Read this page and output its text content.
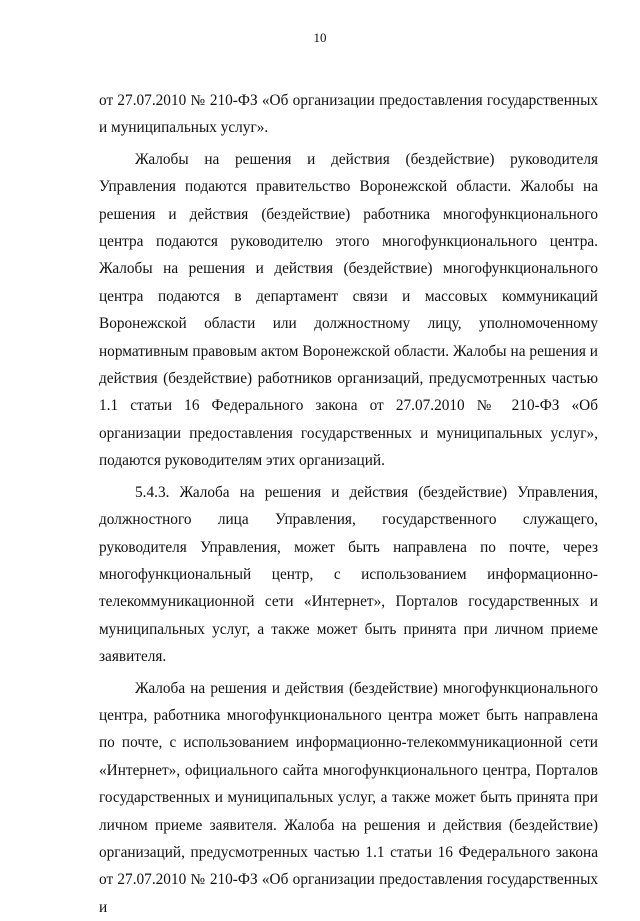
10

от 27.07.2010 № 210-ФЗ «Об организации предоставления государственных и муниципальных услуг».

Жалобы на решения и действия (бездействие) руководителя Управления подаются правительство Воронежской области. Жалобы на решения и действия (бездействие) работника многофункционального центра подаются руководителю этого многофункционального центра. Жалобы на решения и действия (бездействие) многофункционального центра подаются в департамент связи и массовых коммуникаций Воронежской области или должностному лицу, уполномоченному нормативным правовым актом Воронежской области. Жалобы на решения и действия (бездействие) работников организаций, предусмотренных частью 1.1 статьи 16 Федерального закона от 27.07.2010 № 210-ФЗ «Об организации предоставления государственных и муниципальных услуг», подаются руководителям этих организаций.

5.4.3. Жалоба на решения и действия (бездействие) Управления, должностного лица Управления, государственного служащего, руководителя Управления, может быть направлена по почте, через многофункциональный центр, с использованием информационно-телекоммуникационной сети «Интернет», Порталов государственных и муниципальных услуг, а также может быть принята при личном приеме заявителя.

Жалоба на решения и действия (бездействие) многофункционального центра, работника многофункционального центра может быть направлена по почте, с использованием информационно-телекоммуникационной сети «Интернет», официального сайта многофункционального центра, Порталов государственных и муниципальных услуг, а также может быть принята при личном приеме заявителя. Жалоба на решения и действия (бездействие) организаций, предусмотренных частью 1.1 статьи 16 Федерального закона от 27.07.2010 № 210-ФЗ «Об организации предоставления государственных и
